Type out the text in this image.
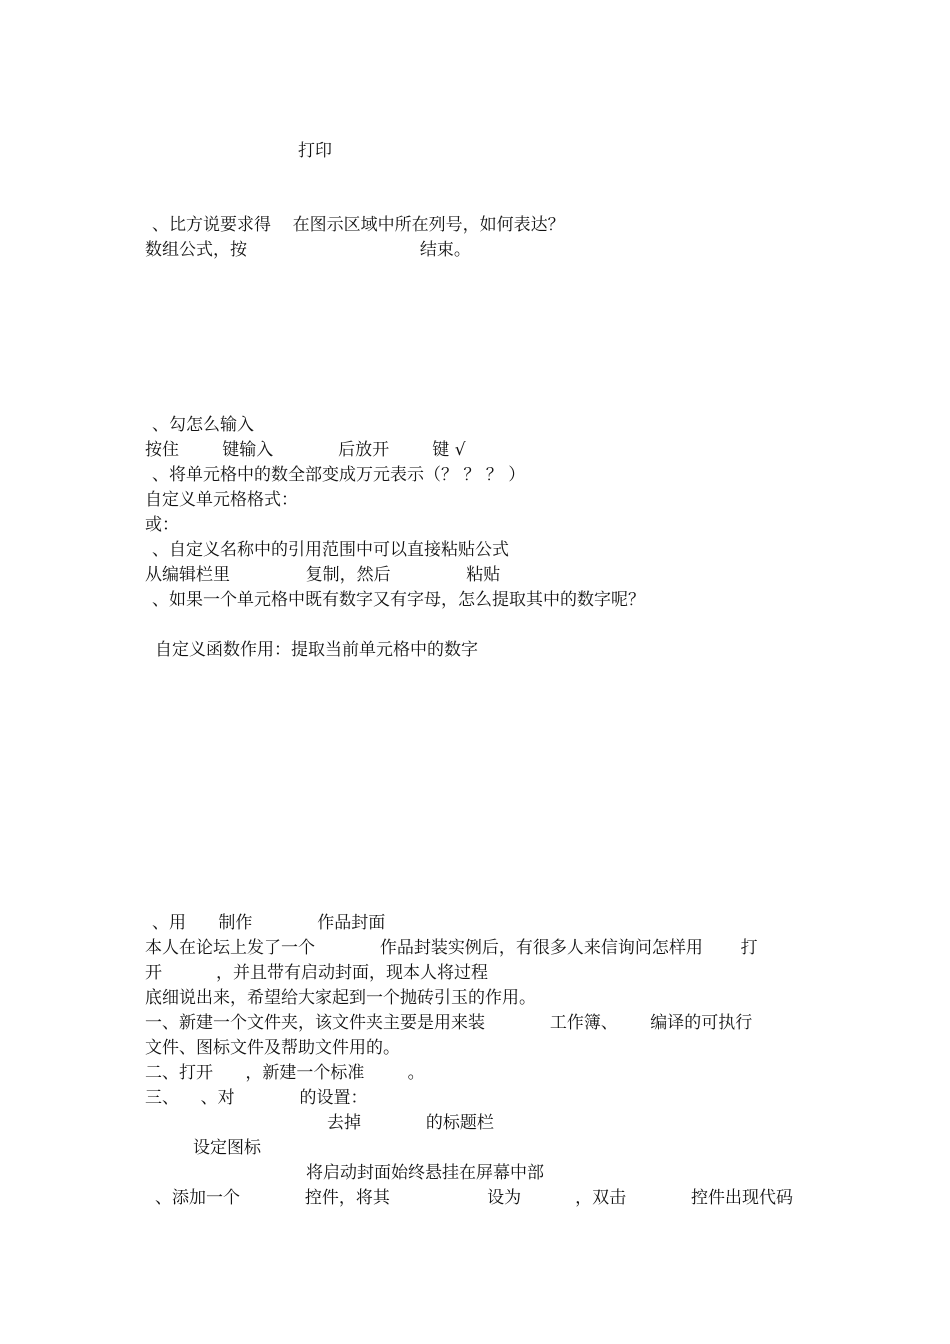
打印
、比方说要求得    在图示区域中所在列号，如何表达？
数组公式，按                                结束。
、勾怎么输入
按住        键输入            后放开        键 √
、将单元格中的数全部变成万元表示（？ ？ ？ ）
自定义单元格格式：
或：
、自定义名称中的引用范围中可以直接粘贴公式
从编辑栏里              复制，然后              粘贴
、如果一个单元格中既有数字又有字母，怎么提取其中的数字呢？
自定义函数作用：提取当前单元格中的数字
、用      制作            作品封面
本人在论坛上发了一个            作品封装实例后，有很多人来信询问怎样用       打
开          ，并且带有启动封面，现本人将过程
底细说出来，希望给大家起到一个抛砖引玉的作用。
一、新建一个文件夹，该文件夹主要是用来装            工作簿、      编译的可执行
文件、图标文件及帮助文件用的。
二、打开      ，新建一个标准        。
三、    、对            的设置：
去掉            的标题栏
设定图标
将启动封面始终悬挂在屏幕中部
、添加一个            控件，将其                  设为          ，双击            控件出现代码
